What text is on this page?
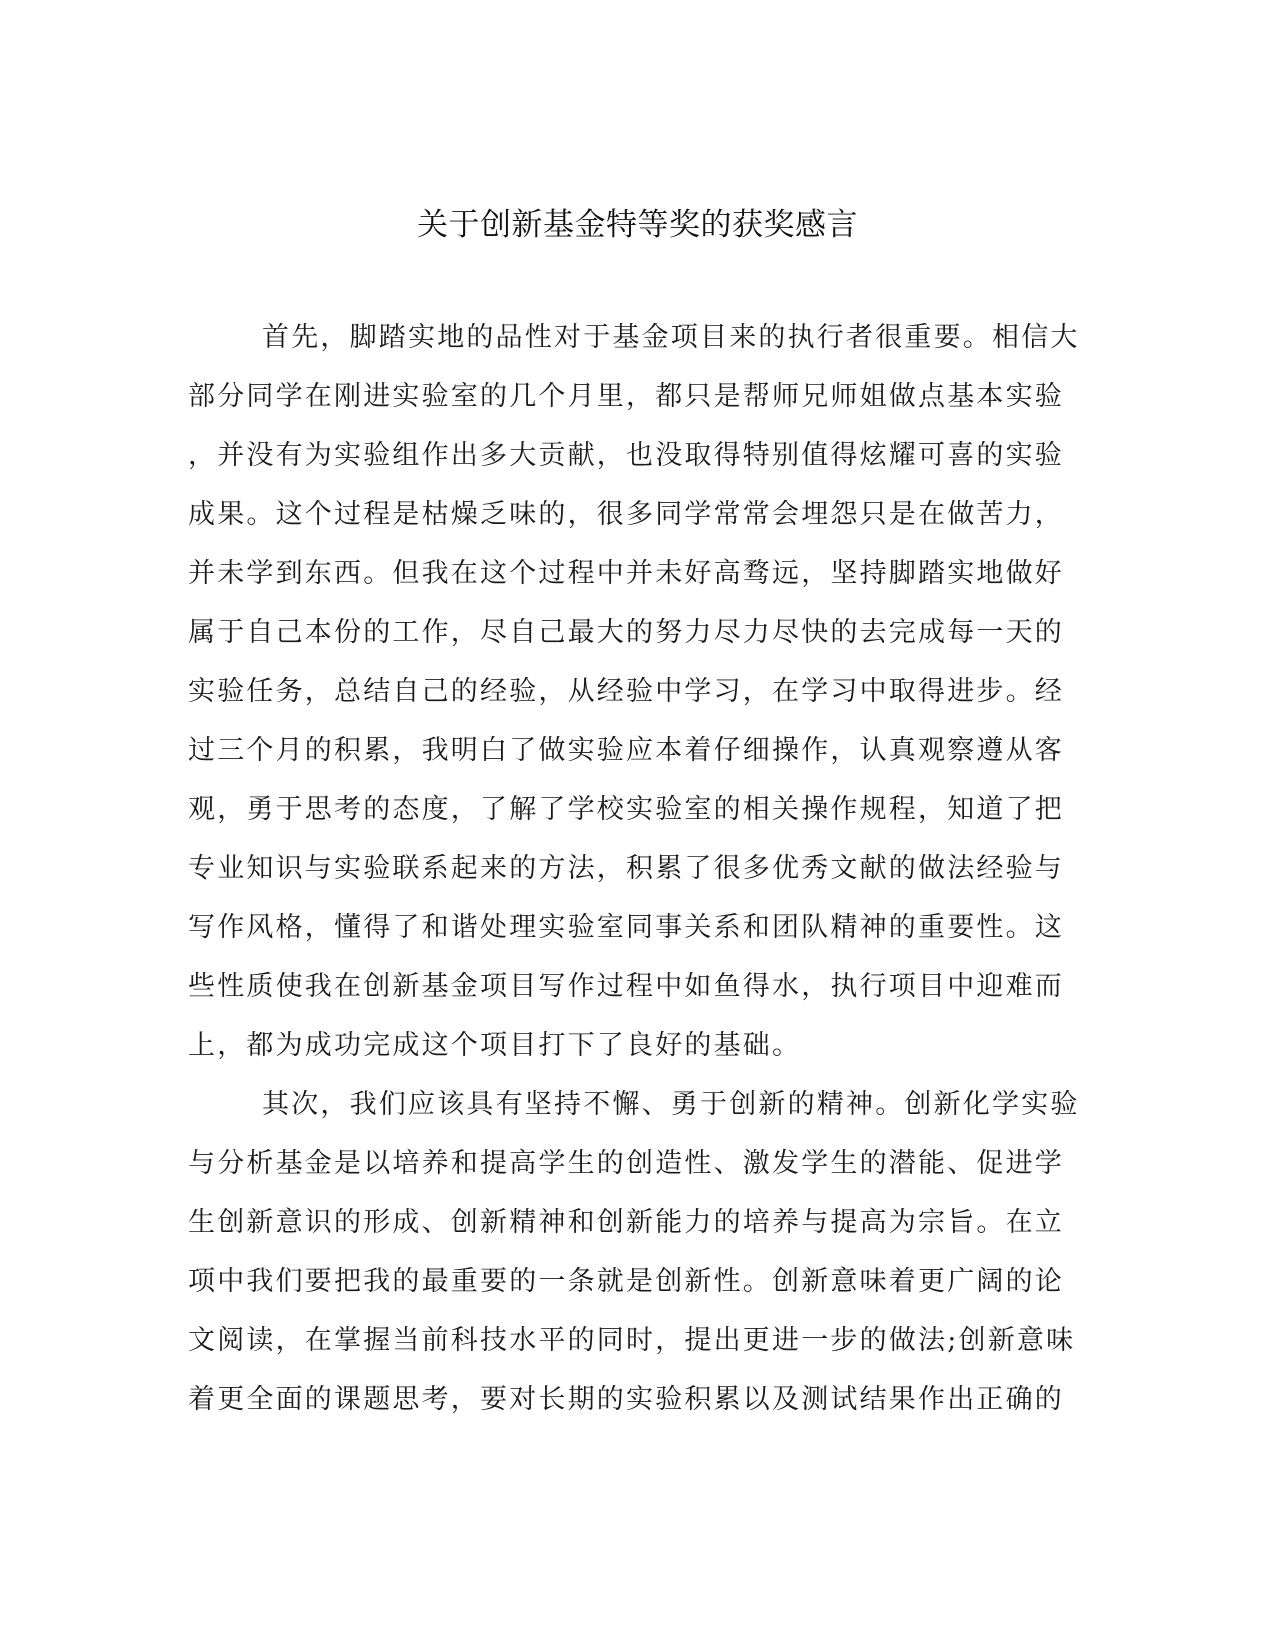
关于创新基金特等奖的获奖感言
首先，脚踏实地的品性对于基金项目来的执行者很重要。相信大
部分同学在刚进实验室的几个月里，都只是帮师兄师姐做点基本实验
，并没有为实验组作出多大贡献，也没取得特别值得炫耀可喜的实验
成果。这个过程是枯燥乏味的，很多同学常常会埋怨只是在做苦力，
并未学到东西。但我在这个过程中并未好高骛远，坚持脚踏实地做好
属于自己本份的工作，尽自己最大的努力尽力尽快的去完成每一天的
实验任务，总结自己的经验，从经验中学习，在学习中取得进步。经
过三个月的积累，我明白了做实验应本着仔细操作，认真观察遵从客
观，勇于思考的态度，了解了学校实验室的相关操作规程，知道了把
专业知识与实验联系起来的方法，积累了很多优秀文献的做法经验与
写作风格，懂得了和谐处理实验室同事关系和团队精神的重要性。这
些性质使我在创新基金项目写作过程中如鱼得水，执行项目中迎难而
上，都为成功完成这个项目打下了良好的基础。
其次，我们应该具有坚持不懈、勇于创新的精神。创新化学实验
与分析基金是以培养和提高学生的创造性、激发学生的潜能、促进学
生创新意识的形成、创新精神和创新能力的培养与提高为宗旨。在立
项中我们要把我的最重要的一条就是创新性。创新意味着更广阔的论
文阅读，在掌握当前科技水平的同时，提出更进一步的做法;创新意味
着更全面的课题思考，要对长期的实验积累以及测试结果作出正确的
